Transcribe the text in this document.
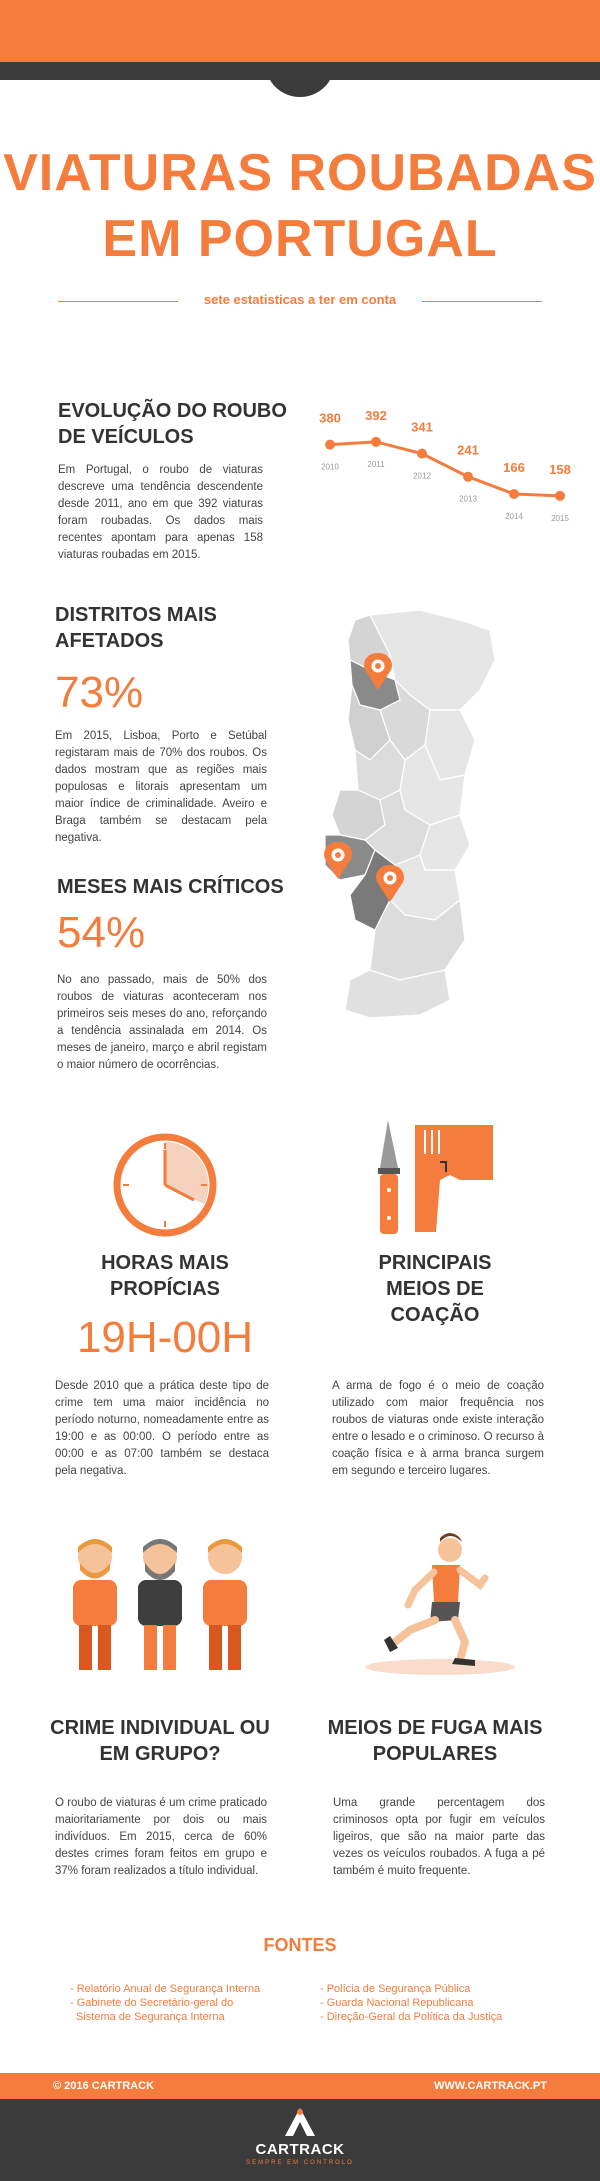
VIATURAS ROUBADAS
EM PORTUGAL
sete estatisticas a ter em conta
EVOLUÇÃO DO ROUBO
DE VEÍCULOS
Em Portugal, o roubo de viaturas descreve uma tendência descendente desde 2011, ano em que 392 viaturas foram roubadas. Os dados mais recentes apontam para apenas 158 viaturas roubadas em 2015.
380
2010
392
2011
341
2012
241
2013
166
2014
158
2015
DISTRITOS MAIS
AFETADOS
73%
Em 2015, Lisboa, Porto e Setúbal registaram mais de 70% dos roubos. Os dados mostram que as regiões mais populosas e litorais apresentam um maior índice de criminalidade. Aveiro e Braga também se destacam pela negativa.
MESES MAIS CRÍTICOS
54%
No ano passado, mais de 50% dos roubos de viaturas aconteceram nos primeiros seis meses do ano, reforçando a tendência assinalada em 2014. Os meses de janeiro, março e abril registam o maior número de ocorrências.
HORAS MAIS
PROPÍCIAS
19H-00H
Desde 2010 que a prática deste tipo de crime tem uma maior incidência no período noturno, nomeadamente entre as 19:00 e as 00:00. O período entre as 00:00 e as 07:00 também se destaca pela negativa.
PRINCIPAIS
MEIOS DE
COAÇÃO
A arma de fogo é o meio de coação utilizado com maior frequência nos roubos de viaturas onde existe interação entre o lesado e o criminoso. O recurso à coação física e à arma branca surgem em segundo e terceiro lugares.
CRIME INDIVIDUAL OU
EM GRUPO?
O roubo de viaturas é um crime praticado maioritariamente por dois ou mais indivíduos. Em 2015, cerca de 60% destes crimes foram feitos em grupo e 37% foram realizados a título individual.
MEIOS DE FUGA MAIS
POPULARES
Uma grande percentagem dos criminosos opta por fugir em veículos ligeiros, que são na maior parte das vezes os veículos roubados. A fuga a pé também é muito frequente.
FONTES
- Relatório Anual de Segurança Interna
- Gabinete do Secretário-geral do
Sistema de Segurança Interna
- Polícia de Segurança Pública
- Guarda Nacional Republicana
- Direção-Geral da Política da Justiça
© 2016 CARTRACK	WWW.CARTRACK.PT
CARTRACK
SEMPRE EM CONTROLO
